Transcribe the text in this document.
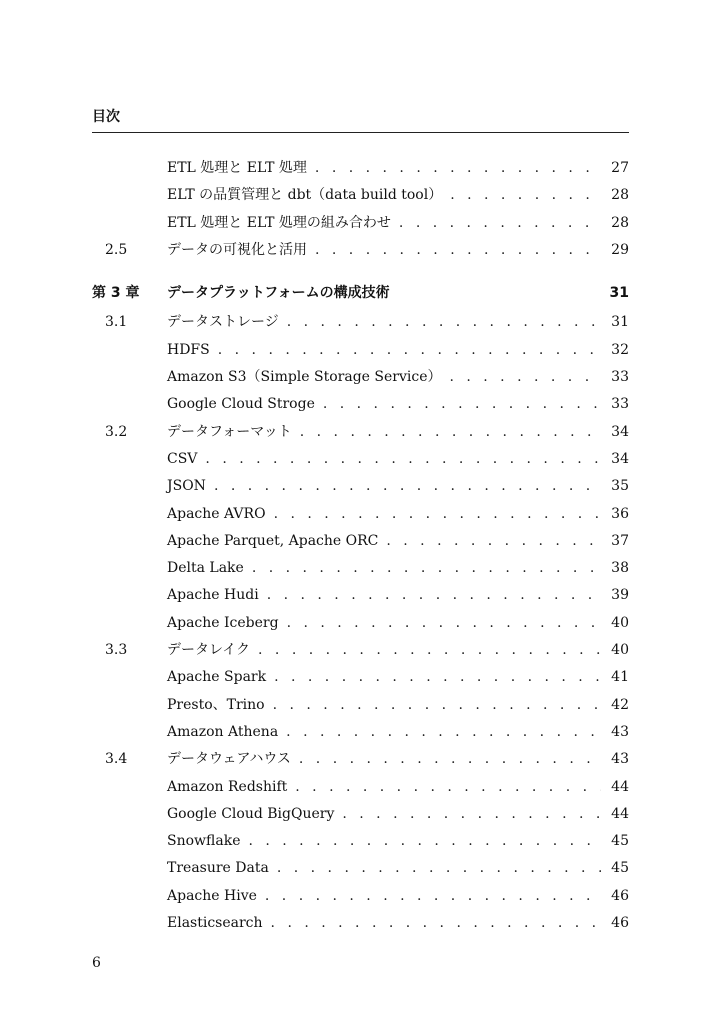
目次
ETL 処理と ELT 処理 . . .	27
ELT の品質管理と dbt（data build tool） . . .	28
ETL 処理と ELT 処理の組み合わせ . . .	28
2.5	データの可視化と活用 . . .	29
第 3 章	データプラットフォームの構成技術	31
3.1	データストレージ . . .	31
HDFS . . .	32
Amazon S3（Simple Storage Service） . . .	33
Google Cloud Stroge . . .	33
3.2	データフォーマット . . .	34
CSV . . .	34
JSON . . .	35
Apache AVRO . . .	36
Apache Parquet, Apache ORC . . .	37
Delta Lake . . .	38
Apache Hudi . . .	39
Apache Iceberg . . .	40
3.3	データレイク . . .	40
Apache Spark . . .	41
Presto、Trino . . .	42
Amazon Athena . . .	43
3.4	データウェアハウス . . .	43
Amazon Redshift . . .	44
Google Cloud BigQuery . . .	44
Snowflake . . .	45
Treasure Data . . .	45
Apache Hive . . .	46
Elasticsearch . . .	46
6
